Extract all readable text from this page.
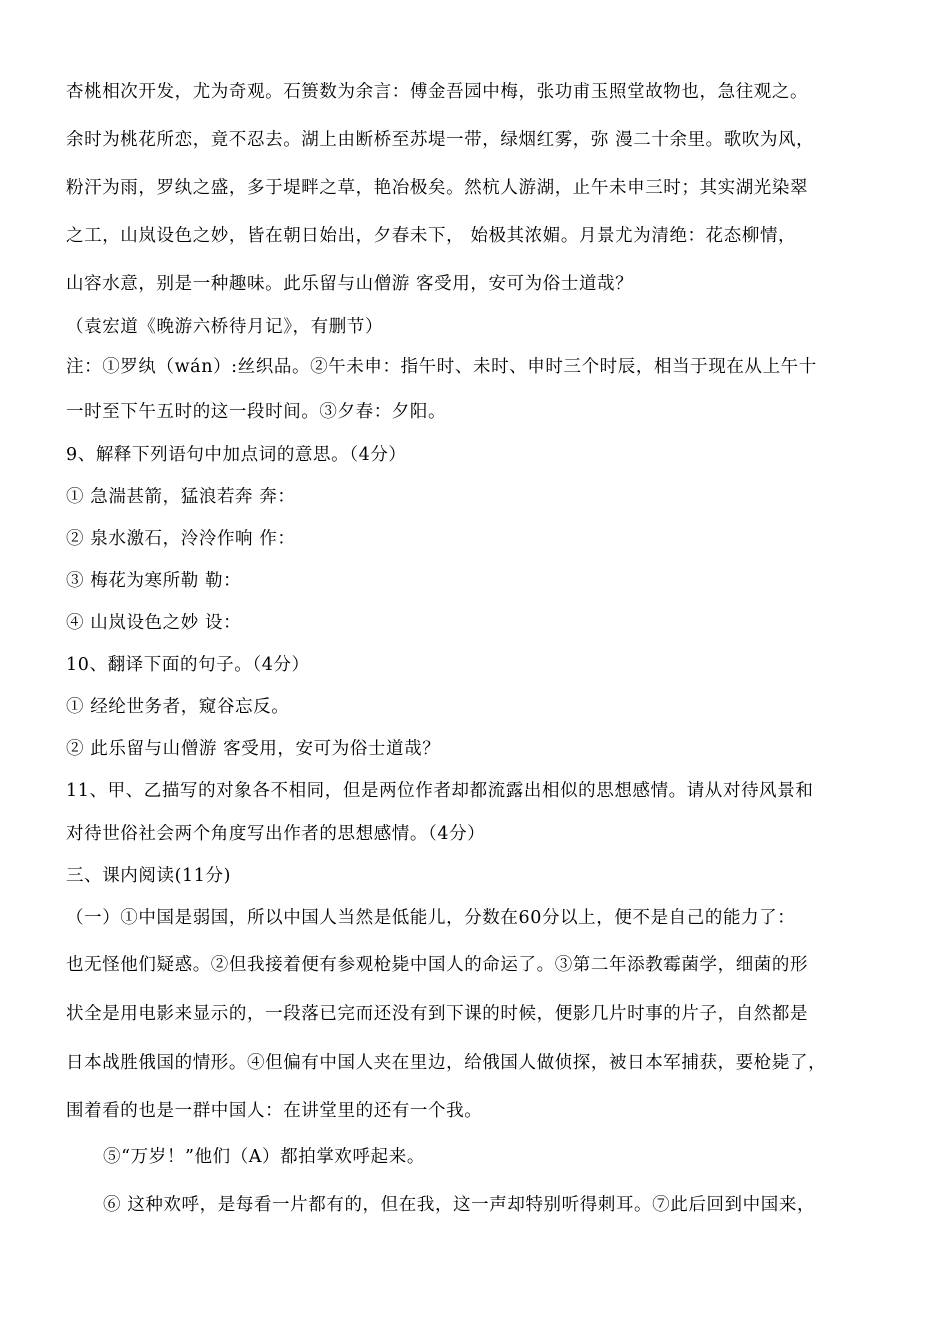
杏桃相次开发，尤为奇观。石篑数为余言：傅金吾园中梅，张功甫玉照堂故物也，急往观之。
余时为桃花所恋，竟不忍去。湖上由断桥至苏堤一带，绿烟红雾，弥 漫二十余里。歌吹为风，
粉汗为雨，罗纨之盛，多于堤畔之草，艳冶极矣。然杭人游湖，止午未申三时；其实湖光染翠
之工，山岚设色之妙，皆在朝日始出，夕春未下， 始极其浓媚。月景尤为清绝：花态柳情，
山容水意，别是一种趣味。此乐留与山僧游 客受用，安可为俗士道哉？
（袁宏道《晚游六桥待月记》，有删节）
注：①罗纨（wán）:丝织品。②午未申：指午时、未时、申时三个时辰，相当于现在从上午十
一时至下午五时的这一段时间。③夕春：夕阳。
9、解释下列语句中加点词的意思。（4分）
① 急湍甚箭，猛浪若奔 奔：
② 泉水激石，泠泠作响 作：
③ 梅花为寒所勒 勒：
④ 山岚设色之妙 设：
10、翻译下面的句子。（4分）
① 经纶世务者，窥谷忘反。
② 此乐留与山僧游 客受用，安可为俗士道哉？
11、甲、乙描写的对象各不相同，但是两位作者却都流露出相似的思想感情。请从对待风景和
对待世俗社会两个角度写出作者的思想感情。（4分）
三、课内阅读(11分)
（一）①中国是弱国，所以中国人当然是低能儿，分数在60分以上，便不是自己的能力了：
也无怪他们疑惑。②但我接着便有参观枪毙中国人的命运了。③第二年添教霉菌学，细菌的形
状全是用电影来显示的，一段落已完而还没有到下课的时候，便影几片时事的片子，自然都是
日本战胜俄国的情形。④但偏有中国人夹在里边，给俄国人做侦探，被日本军捕获，要枪毙了，
围着看的也是一群中国人：在讲堂里的还有一个我。
⑤“万岁！”他们（A）都拍掌欢呼起来。
⑥ 这种欢呼，是每看一片都有的，但在我，这一声却特别听得刺耳。⑦此后回到中国来，
